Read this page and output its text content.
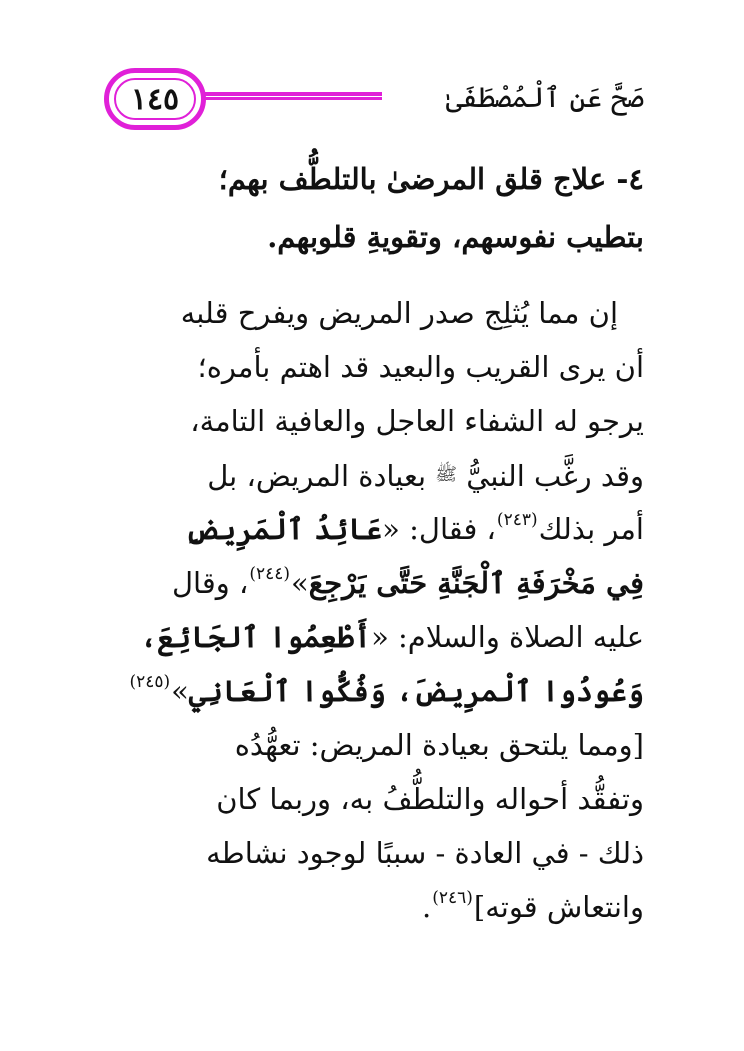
صَحَّ عَنِ ٱلْمُصْطَفَىٰ
١٤٥
٤- علاج قلق المرضىٰ بالتلطُّف بهم؛
بتطيب نفوسهم، وتقويةِ قلوبهم.
إن مما يُثلِج صدر المريض ويفرح قلبه
أن يرى القريب والبعيد قد اهتم بأمره؛
يرجو له الشفاء العاجل والعافية التامة،
وقد رغَّب النبيُّ $^ﷺ$ بعيادة المريض، بل
أمر بذلك$^{(٢٤٣)}$، فقال: «عَائِدُ ٱلْمَرِيضِ
فِي مَخْرَفَةِ ٱلْجَنَّةِ حَتَّى يَرْجِعَ»$^{(٢٤٤)}$، وقال
عليه الصلاة والسلام: «أَطْعِمُوا ٱلجَائِعَ،
وَعُودُوا ٱلْمرِيضَ، وَفُكُّوا ٱلْعَانِي»$^{(٢٤٥)}$
[ومما يلتحق بعيادة المريض: تعهُّدُه
وتفقُّد أحواله والتلطُّفُ به، وربما كان
ذلك - في العادة - سببًا لوجود نشاطه
وانتعاش قوته]$^{(٢٤٦)}$.
